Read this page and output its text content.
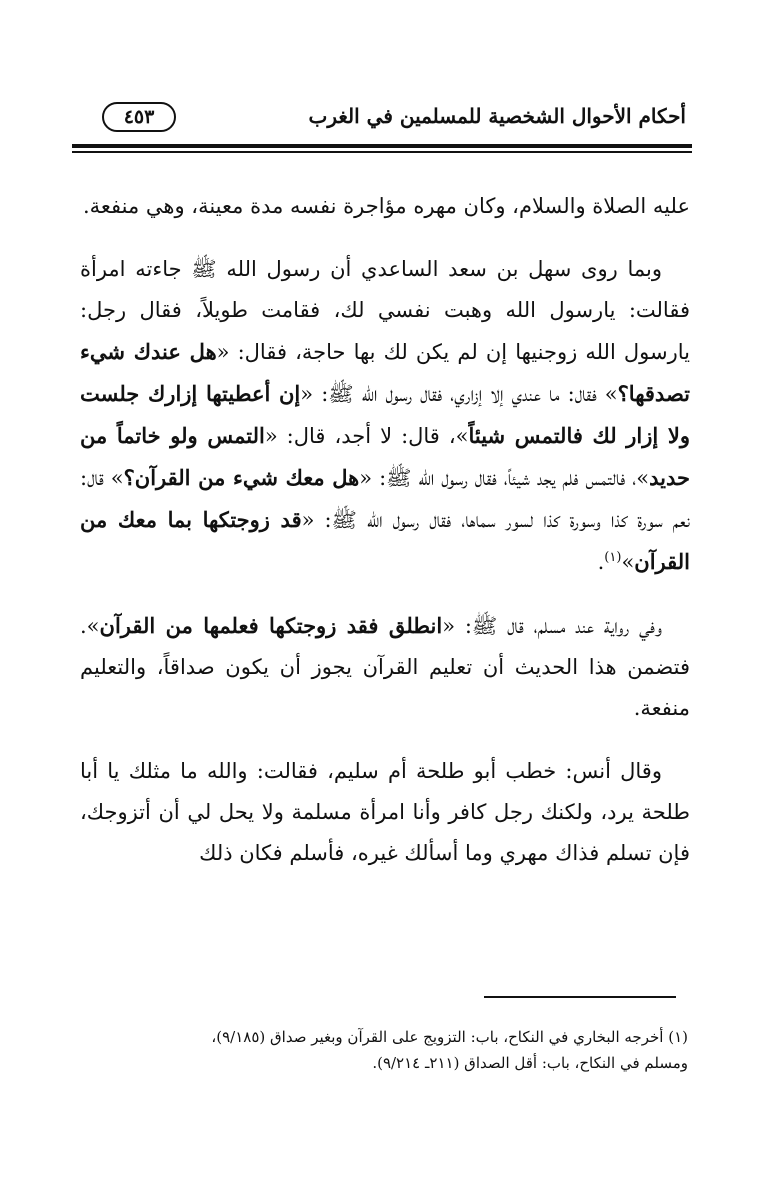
أحكام الأحوال الشخصية للمسلمين في الغرب
٤٥٣

عليه الصلاة والسلام، وكان مهره مؤاجرة نفسه مدة معينة، وهي منفعة.

وبما روى سهل بن سعد الساعدي أن رسول الله ﷺ جاءته امرأة فقالت: يارسول الله وهبت نفسي لك، فقامت طويلاً، فقال رجل: يارسول الله زوجنيها إن لم يكن لك بها حاجة، فقال: «هل عندك شيء تصدقها؟» فقال: ما عندي إلا إزاري، فقال رسول الله ﷺ: «إن أعطيتها إزارك جلست ولا إزار لك فالتمس شيئاً»، قال: لا أجد، قال: «التمس ولو خاتماً من حديد»، فالتمس فلم يجد شيئاً، فقال رسول الله ﷺ: «هل معك شيء من القرآن؟» قال: نعم سورة كذا وسورة كذا لسور سماها، فقال رسول الله ﷺ: «قد زوجتكها بما معك من القرآن»$^{(١)}$.

وفي رواية عند مسلم، قال ﷺ: «انطلق فقد زوجتكها فعلمها من القرآن». فتضمن هذا الحديث أن تعليم القرآن يجوز أن يكون صداقاً، والتعليم منفعة.

وقال أنس: خطب أبو طلحة أم سليم، فقالت: والله ما مثلك يا أبا طلحة يرد، ولكنك رجل كافر وأنا امرأة مسلمة ولا يحل لي أن أتزوجك، فإن تسلم فذاك مهري وما أسألك غيره، فأسلم فكان ذلك

(١) أخرجه البخاري في النكاح، باب: التزويج على القرآن وبغير صداق (٩/١٨٥)،

ومسلم في النكاح، باب: أقل الصداق (٢١١ـ ٩/٢١٤).
